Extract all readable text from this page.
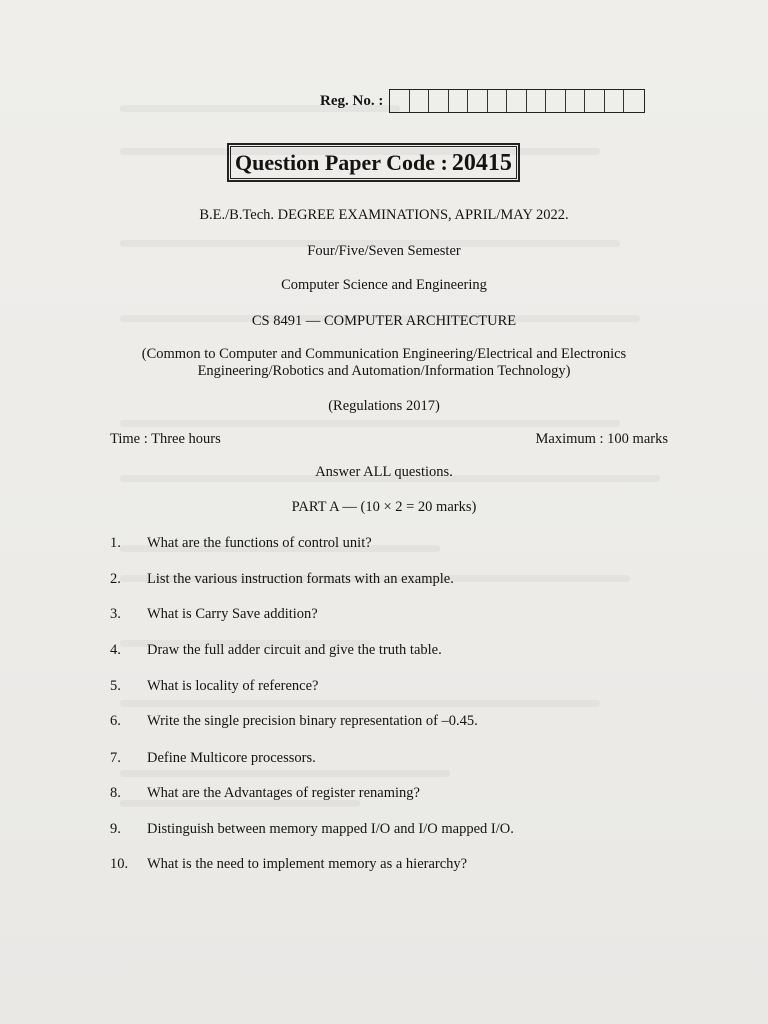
Reg. No. :
Question Paper Code : 20415
B.E./B.Tech. DEGREE EXAMINATIONS, APRIL/MAY 2022.
Four/Five/Seven Semester
Computer Science and Engineering
CS 8491 — COMPUTER ARCHITECTURE
(Common to Computer and Communication Engineering/Electrical and Electronics
Engineering/Robotics and Automation/Information Technology)
(Regulations 2017)
Time : Three hours	Maximum : 100 marks
Answer ALL questions.
PART A — (10 × 2 = 20 marks)
1.	What are the functions of control unit?
2.	List the various instruction formats with an example.
3.	What is Carry Save addition?
4.	Draw the full adder circuit and give the truth table.
5.	What is locality of reference?
6.	Write the single precision binary representation of –0.45.
7.	Define Multicore processors.
8.	What are the Advantages of register renaming?
9.	Distinguish between memory mapped I/O and I/O mapped I/O.
10.	What is the need to implement memory as a hierarchy?
